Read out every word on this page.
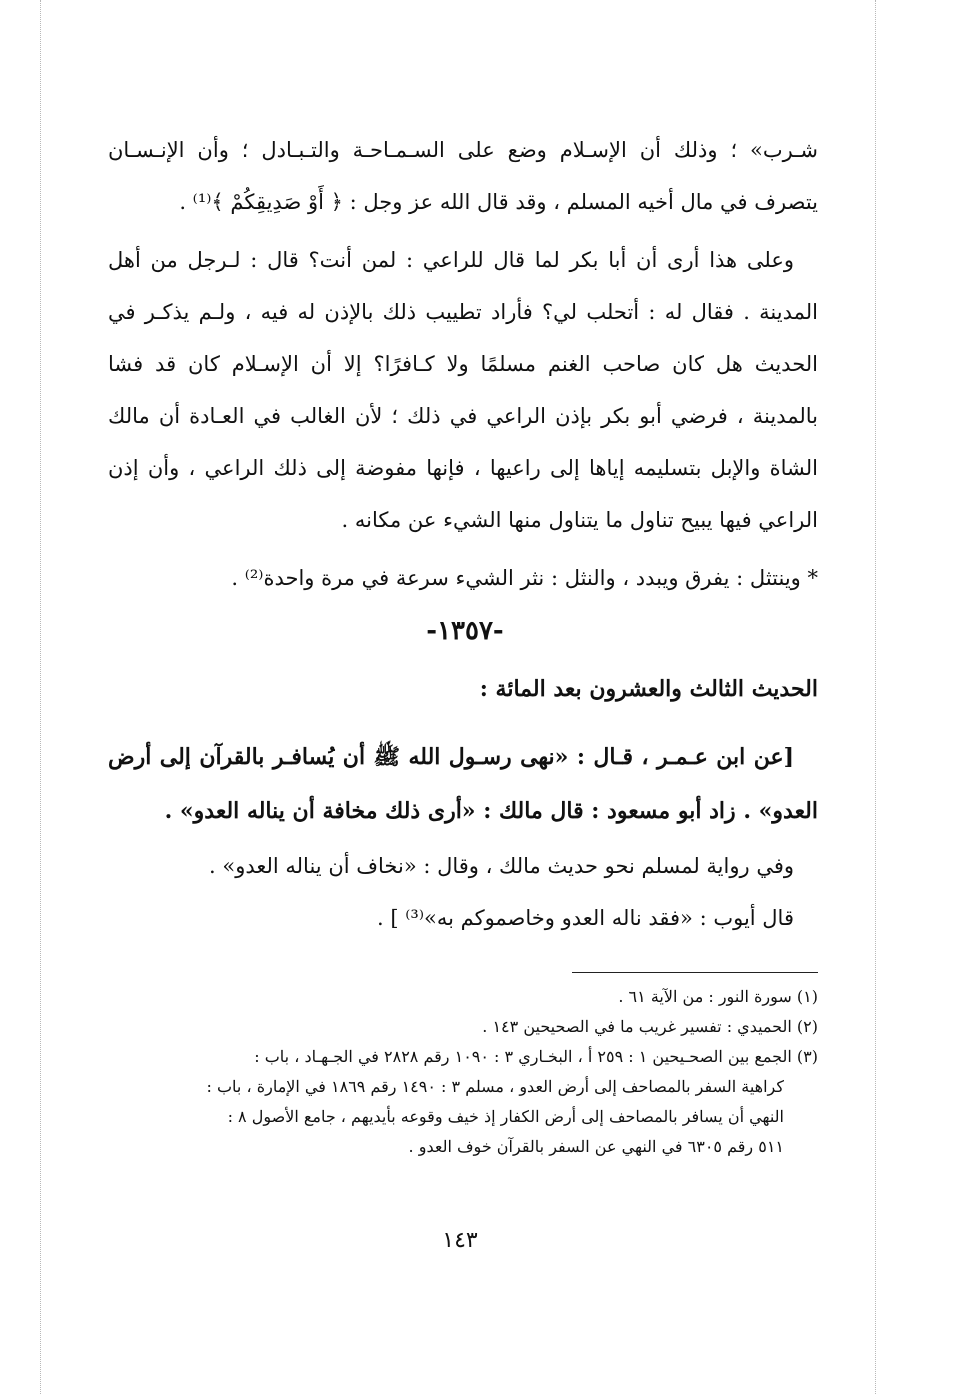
شـرب» ؛ وذلك أن الإسـلام وضع على السـمـاحـة والتـبـادل ؛ وأن الإنـسـان يتصرف في مال أخيه المسلم ، وقد قال الله عز وجل : ﴿ أَوْ صَدِيقِكُمْ ﴾⁽¹⁾ .

وعلى هذا أرى أن أبا بكر لما قال للراعي : لمن أنت؟ قال : لـرجل من أهل المدينة . فقال له : أتحلب لي؟ فأراد تطييب ذلك بالإذن له فيه ، ولـم يذكـر في الحديث هل كان صاحب الغنم مسلمًا ولا كـافرًا؟ إلا أن الإسـلام كان قد فشا بالمدينة ، فرضي أبو بكر بإذن الراعي في ذلك ؛ لأن الغالب في العـادة أن مالك الشاة والإبل بتسليمه إياها إلى راعيها ، فإنها مفوضة إلى ذلك الراعي ، وأن إذن الراعي فيها يبيح تناول ما يتناول منها الشيء عن مكانه .

* وينتثل : يفرق ويبدد ، والنثل : نثر الشيء سرعة في مرة واحدة⁽²⁾ .

-١٣٥٧-
الحديث الثالث والعشرون بعد المائة :

[عن ابن عـمـر ، قـال : «نهى رسـول الله ﷺ أن يُسافـر بالقرآن إلى أرض العدو» . زاد أبو مسعود : قال مالك : «أرى ذلك مخافة أن يناله العدو» .

وفي رواية لمسلم نحو حديث مالك ، وقال : «نخاف أن يناله العدو» .

قال أيوب : «فقد ناله العدو وخاصموكم به»⁽³⁾ ] .

(١) سورة النور : من الآية ٦١ .

(٢) الحميدي : تفسير غريب ما في الصحيحين ١٤٣ .

(٣) الجمع بين الصحـيحين ١ : ٢٥٩ أ ، البخـاري ٣ : ١٠٩٠ رقم ٢٨٢٨ في الجـهـاد ، باب :

كراهية السفر بالمصاحف إلى أرض العدو ، مسلم ٣ : ١٤٩٠ رقم ١٨٦٩ في الإمارة ، باب :

النهي أن يسافر بالمصاحف إلى أرض الكفار إذ خيف وقوعه بأيديهم ، جامع الأصول ٨ :

٥١١ رقم ٦٣٠٥ في النهي عن السفر بالقرآن خوف العدو .

١٤٣
